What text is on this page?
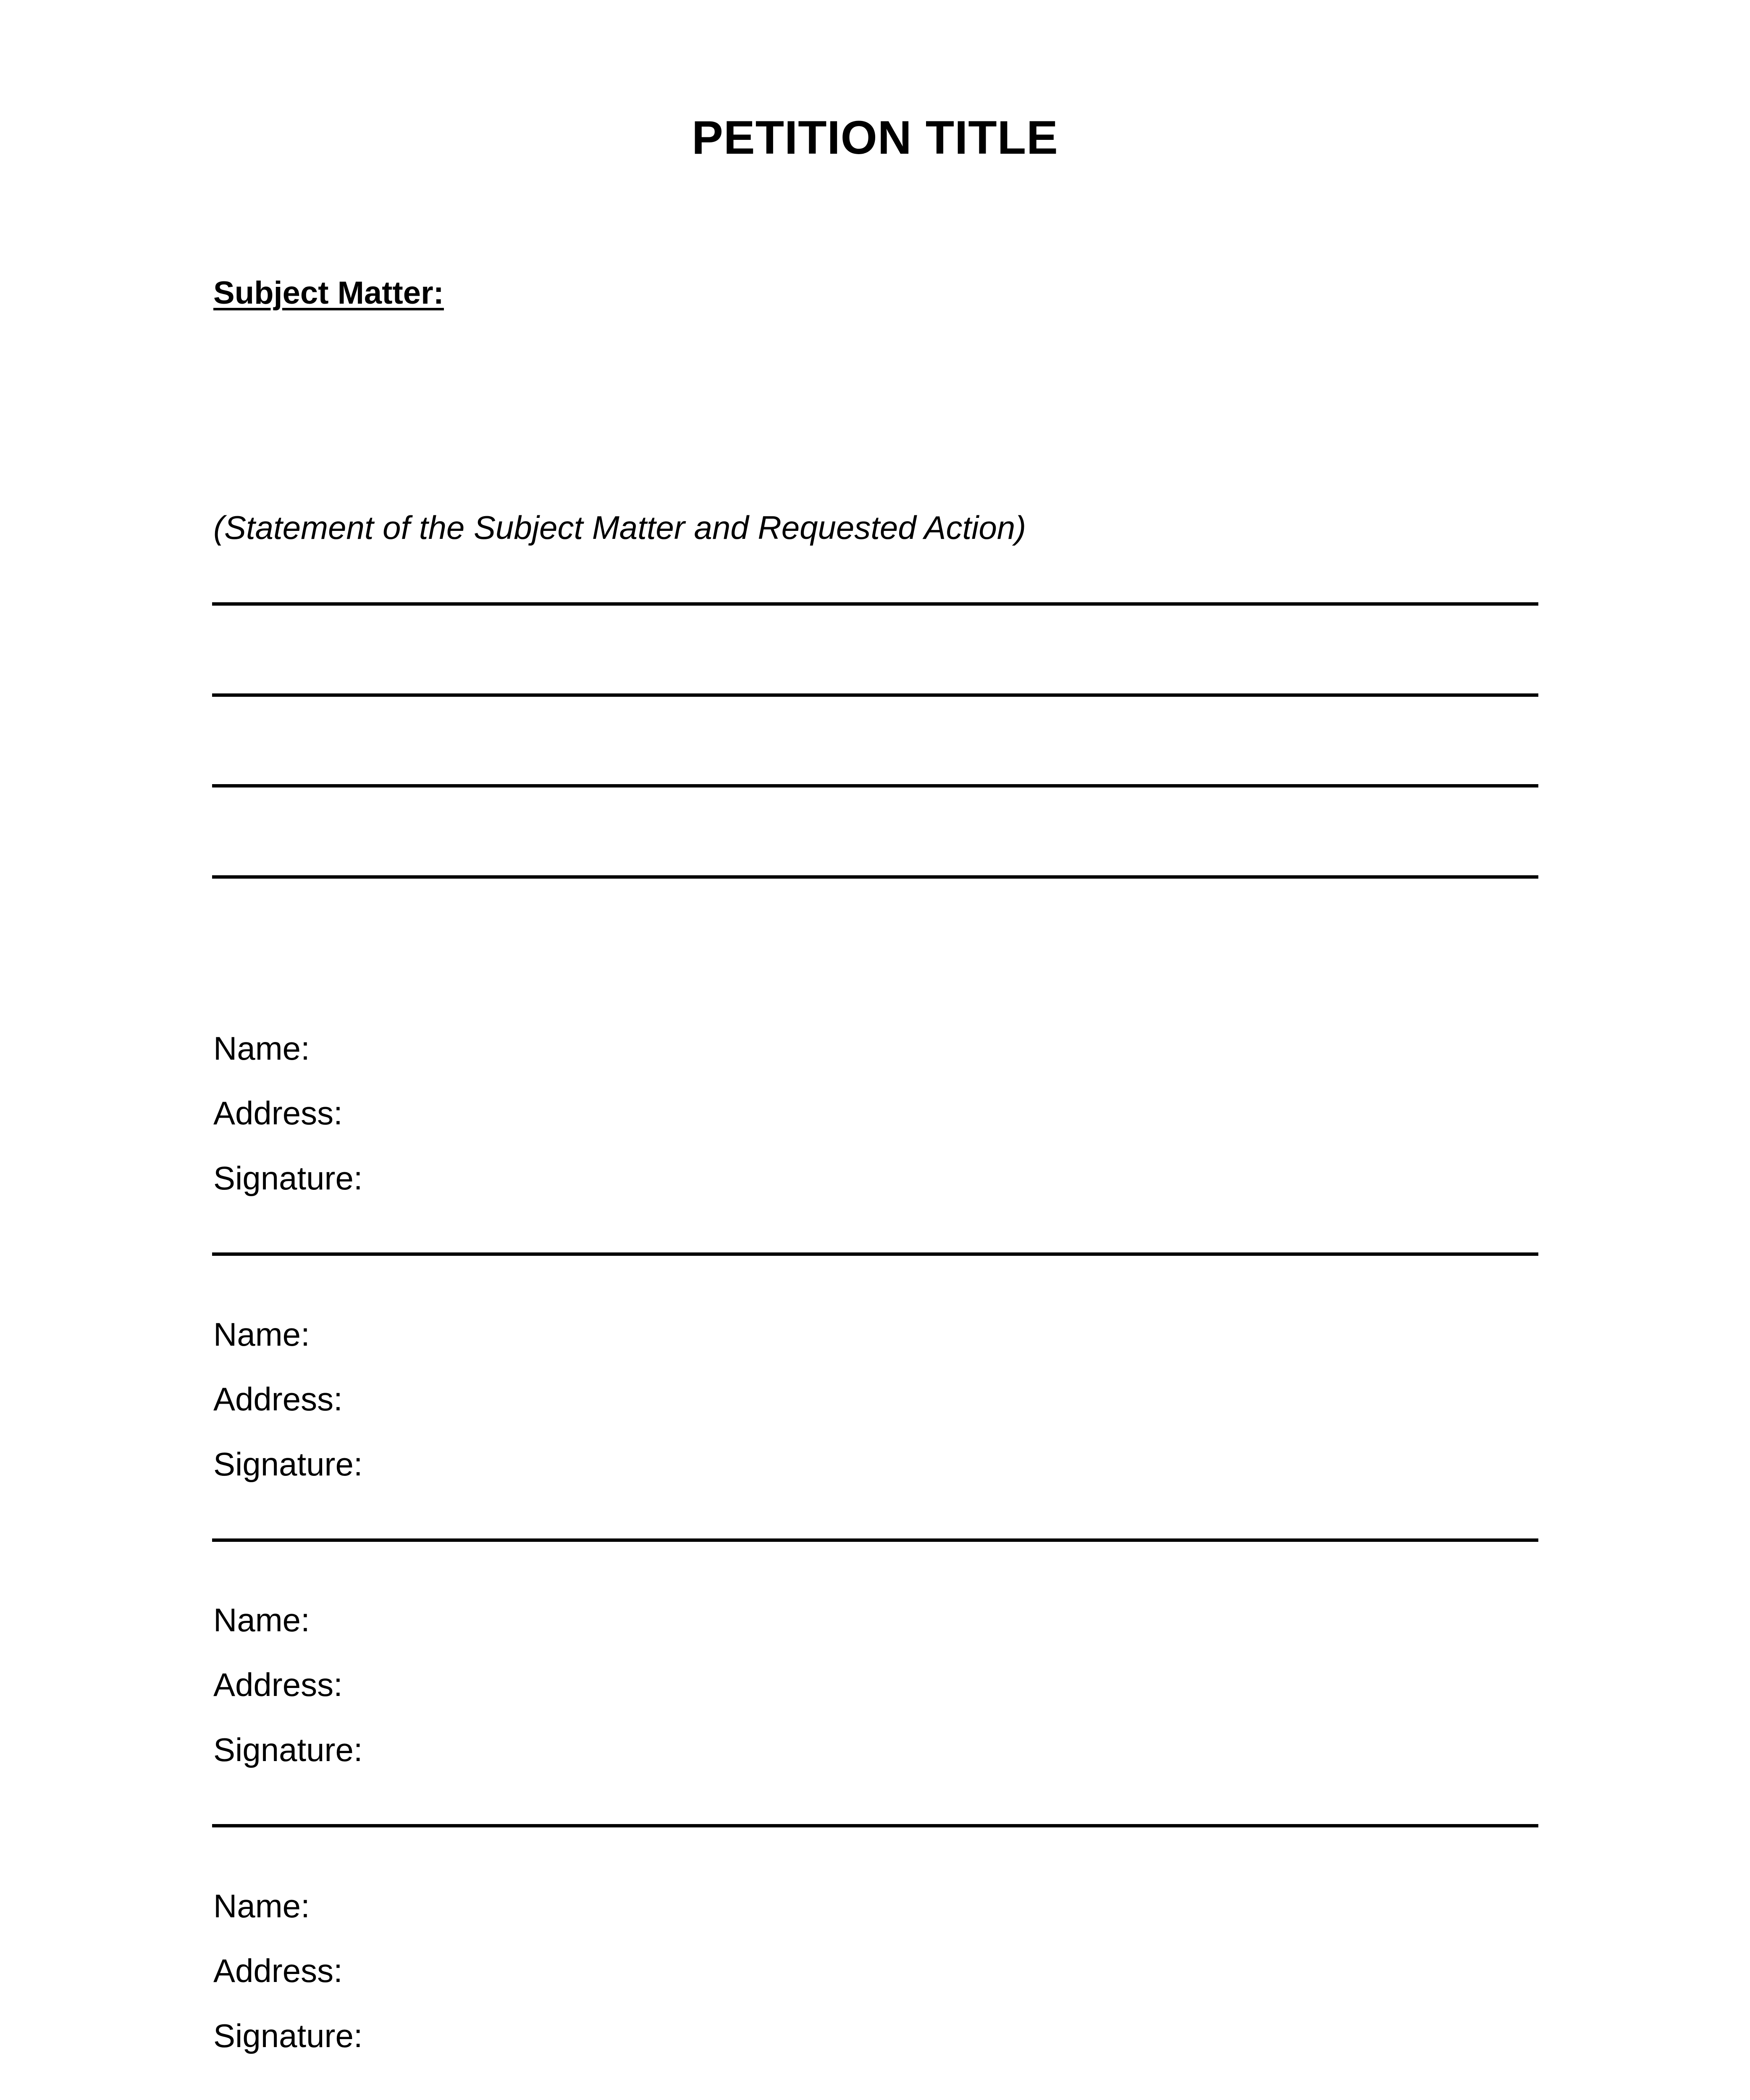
PETITION TITLE
Subject Matter:
(Statement of the Subject Matter and Requested Action)
Name:
Address:
Signature:
Name:
Address:
Signature:
Name:
Address:
Signature:
Name:
Address:
Signature:
